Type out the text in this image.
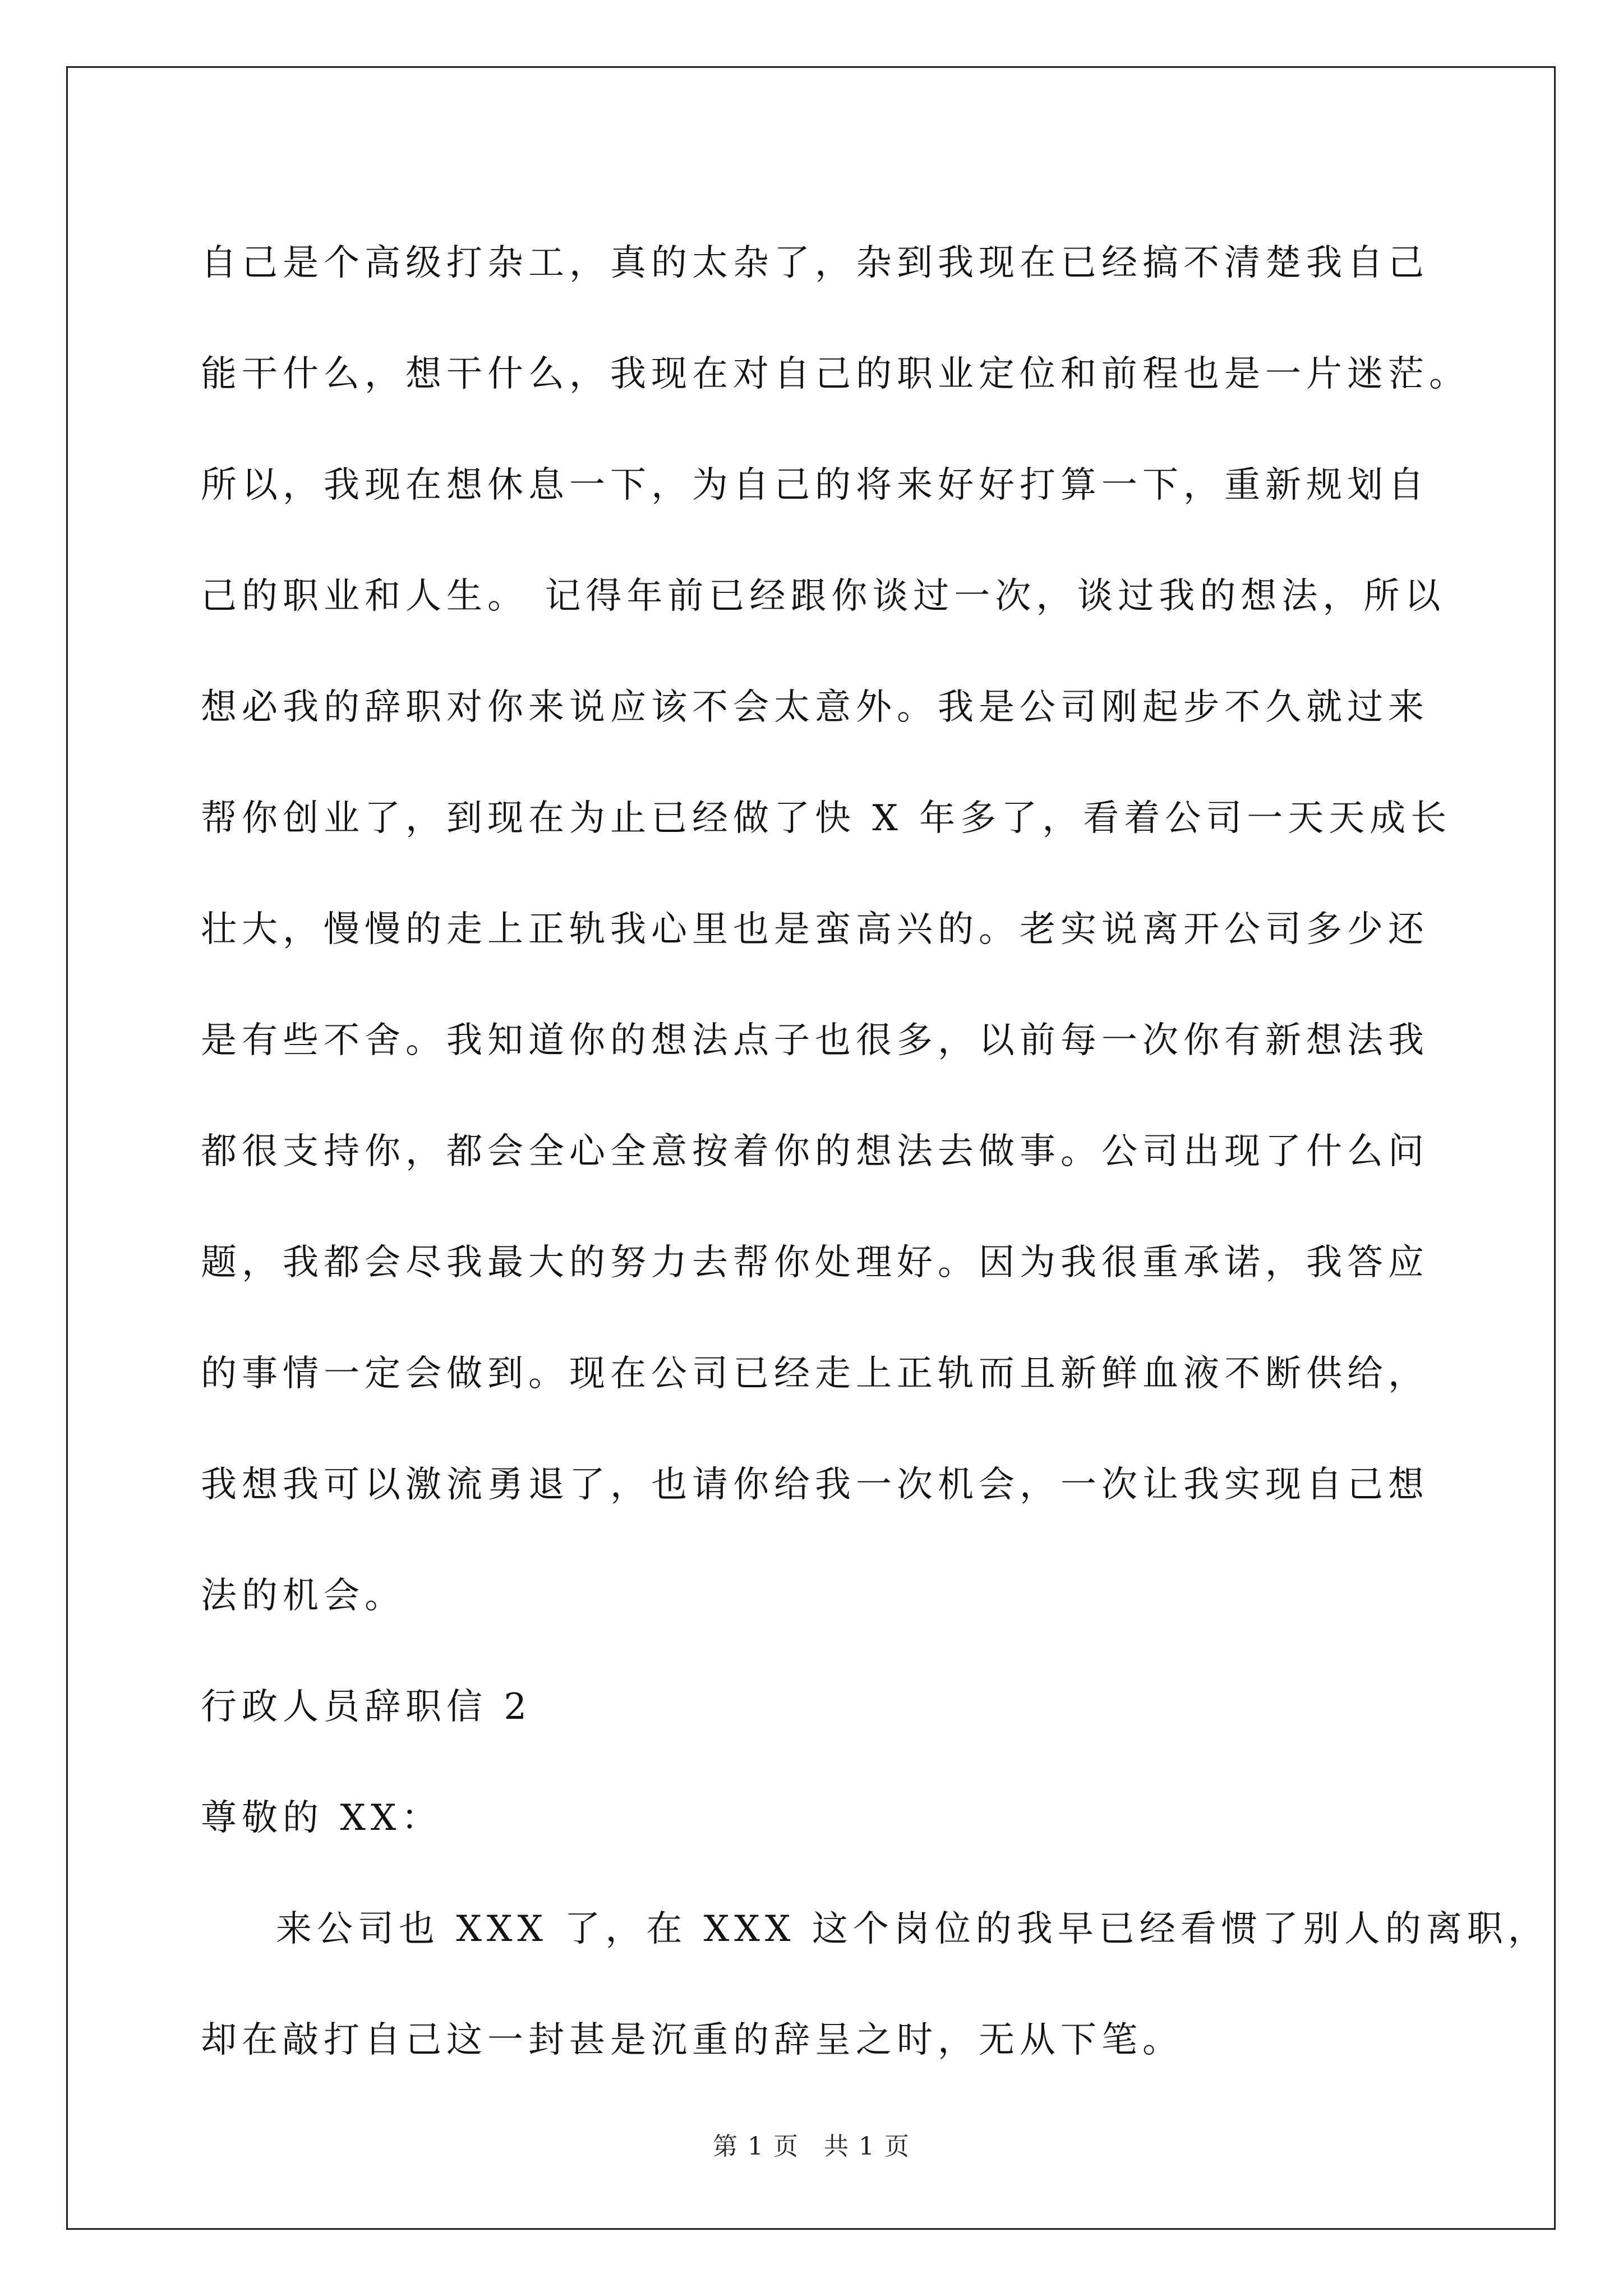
自己是个高级打杂工，真的太杂了，杂到我现在已经搞不清楚我自己
能干什么，想干什么，我现在对自己的职业定位和前程也是一片迷茫。
所以，我现在想休息一下，为自己的将来好好打算一下，重新规划自
己的职业和人生。 记得年前已经跟你谈过一次，谈过我的想法，所以
想必我的辞职对你来说应该不会太意外。我是公司刚起步不久就过来
帮你创业了，到现在为止已经做了快 X 年多了，看着公司一天天成长
壮大，慢慢的走上正轨我心里也是蛮高兴的。老实说离开公司多少还
是有些不舍。我知道你的想法点子也很多，以前每一次你有新想法我
都很支持你，都会全心全意按着你的想法去做事。公司出现了什么问
题，我都会尽我最大的努力去帮你处理好。因为我很重承诺，我答应
的事情一定会做到。现在公司已经走上正轨而且新鲜血液不断供给，
我想我可以激流勇退了，也请你给我一次机会，一次让我实现自己想
法的机会。
行政人员辞职信 2
尊敬的 XX：
来公司也 XXX 了，在 XXX 这个岗位的我早已经看惯了别人的离职，
却在敲打自己这一封甚是沉重的辞呈之时，无从下笔。
第 1 页 共 1 页
